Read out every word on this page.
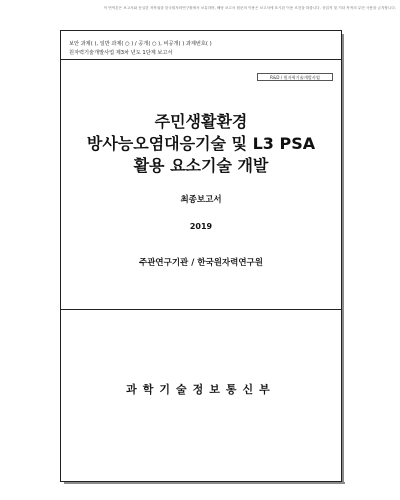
이 번역본은 보고서와 동일한 저작권을 한국원자력연구원에서 보유하며, 해당 보고서 원문의 이용은 보고서에 표시된 이용 조건을 따릅니다. 상업적 및 기타 목적의 무단 사용을 금지합니다.
보안 과제( ), 일반 과제( ○ ) / 공개( ○ ), 비공개( ) 과제번호( )
원자력기술개발사업 제3차 년도 1단계 보고서
R&D / 원자력기술개발사업
주민생활환경
방사능오염대응기술 및 L3 PSA
활용 요소기술 개발
최종보고서
2019
주관연구기관 / 한국원자력연구원
과학기술정보통신부
